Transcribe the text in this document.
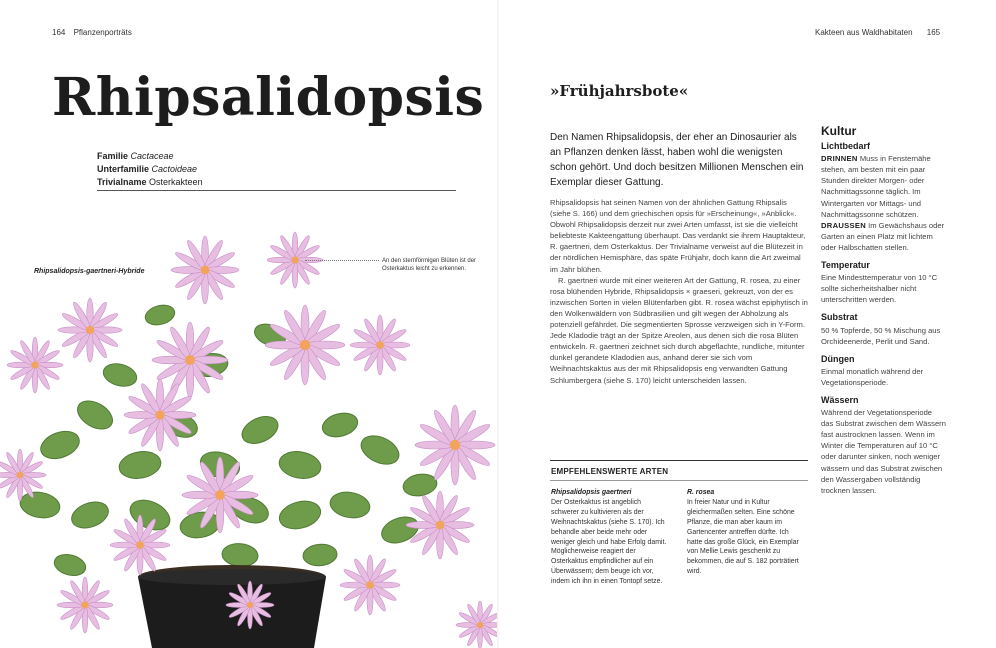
164 Pflanzenporträts
Rhipsalidopsis
Familie Cactaceae
Unterfamilie Cactoideae
Trivialname Osterkakteen
Rhipsalidopsis-gaertneri-Hybride
An den sternförmigen Blüten ist der Osterkaktus leicht zu erkennen.
Kakteen aus Waldhabitaten 165
»Frühjahrsbote«
Den Namen Rhipsalidopsis, der eher an Dinosaurier als an Pflanzen denken lässt, haben wohl die wenigsten schon gehört. Und doch besitzen Millionen Menschen ein Exemplar dieser Gattung.

Rhipsalidopsis hat seinen Namen von der ähnlichen Gattung Rhipsalis (siehe S. 166) und dem griechischen opsis für »Erscheinung«, »Anblick«. Obwohl Rhipsalidopsis derzeit nur zwei Arten umfasst, ist sie die vielleicht beliebteste Kakteengattung überhaupt. Das verdankt sie ihrem Hauptakteur, R. gaertneri, dem Osterkaktus. Der Trivialname verweist auf die Blütezeit in der nördlichen Hemisphäre, das späte Frühjahr, doch kann die Art zweimal im Jahr blühen.

R. gaertneri wurde mit einer weiteren Art der Gattung, R. rosea, zu einer rosa blühenden Hybride, Rhipsalidopsis × graeseri, gekreuzt, von der es inzwischen Sorten in vielen Blütenfarben gibt. R. rosea wächst epiphytisch in den Wolkenwäldern von Südbrasilien und gilt wegen der Abholzung als potenziell gefährdet. Die segmentierten Sprosse verzweigen sich in Y-Form. Jede Kladodie trägt an der Spitze Areolen, aus denen sich die rosa Blüten entwickeln. R. gaertneri zeichnet sich durch abgeflachte, rundliche, mitunter dunkel gerandete Kladodien aus, anhand derer sie sich vom Weihnachtskaktus aus der mit Rhipsalidopsis eng verwandten Gattung Schlumbergera (siehe S. 170) leicht unterscheiden lassen.

EMPFEHLENSWERTE ARTEN
Rhipsalidopsis gaertneri
Der Osterkaktus ist angeblich schwerer zu kultivieren als der Weihnachtskaktus (siehe S. 170). Ich behandle aber beide mehr oder weniger gleich und habe Erfolg damit. Möglicherweise reagiert der Osterkaktus empfindlicher auf ein Überwässern; dem beuge ich vor, indem ich ihn in einen Tontopf setze.
R. rosea
In freier Natur und in Kultur gleichermaßen selten. Eine schöne Pflanze, die man aber kaum im Gartencenter antreffen dürfte. Ich hatte das große Glück, ein Exemplar von Mellie Lewis geschenkt zu bekommen, die auf S. 182 porträtiert wird.
Kultur
Lichtbedarf

DRINNEN Muss in Fensternähe stehen, am besten mit ein paar Stunden direkter Morgen- oder Nachmittagssonne täglich. Im Wintergarten vor Mittags- und Nachmittagssonne schützen.

DRAUSSEN Im Gewächshaus oder Garten an einen Platz mit lichtem oder Halbschatten stellen.

Temperatur

Eine Mindesttemperatur von 10 °C sollte sicherheitshalber nicht unterschritten werden.

Substrat

50 % Topferde, 50 % Mischung aus Orchideenerde, Perlit und Sand.

Düngen

Einmal monatlich während der Vegetationsperiode.

Wässern

Während der Vegetationsperiode das Substrat zwischen dem Wässern fast austrocknen lassen. Wenn im Winter die Temperaturen auf 10 °C oder darunter sinken, noch weniger wässern und das Substrat zwischen den Wassergaben vollständig trocknen lassen.
